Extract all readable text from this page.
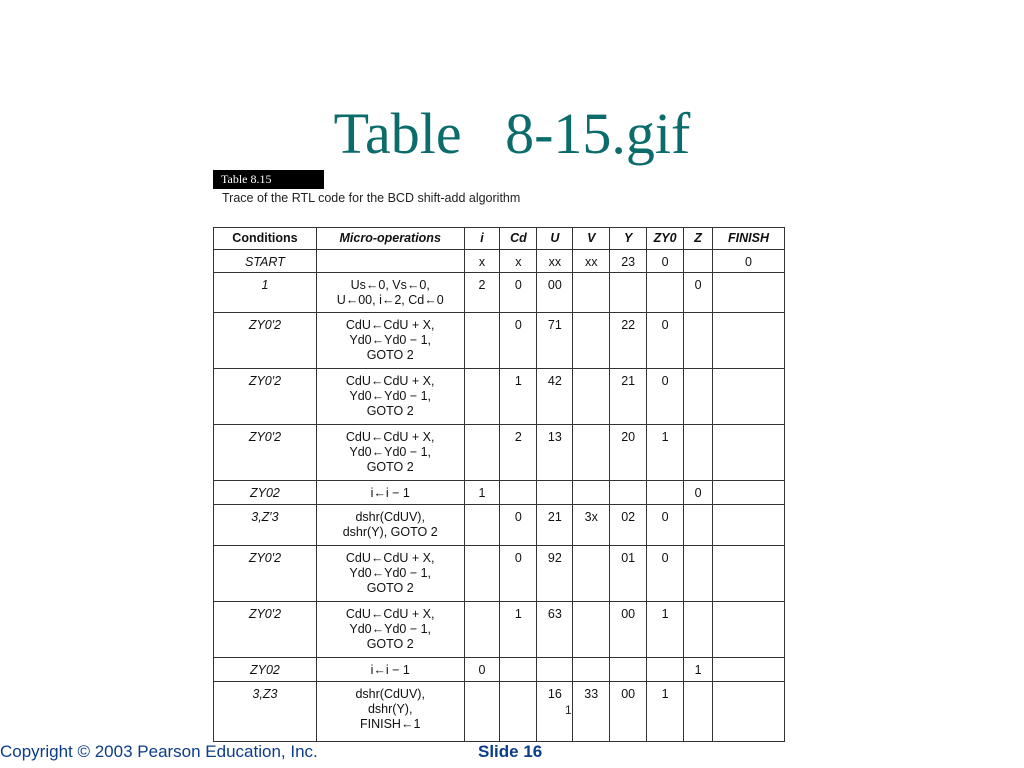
Table   8-15.gif
Table 8.15
Trace of the RTL code for the BCD shift-add algorithm
Conditions	Micro-operations	i	Cd	U	V	Y	ZY0	Z	FINISH
START		x	x	xx	xx	23	0		0
1	Us←0, Vs←0,
U←00, i←2, Cd←0	2	0	00				0	
ZY0′2	CdU←CdU + X,
Yd0←Yd0 − 1,
GOTO 2		0	71		22	0		
ZY0′2	CdU←CdU + X,
Yd0←Yd0 − 1,
GOTO 2		1	42		21	0		
ZY0′2	CdU←CdU + X,
Yd0←Yd0 − 1,
GOTO 2		2	13		20	1		
ZY02	i←i − 1	1						0	
3,Z′3	dshr(CdUV),
dshr(Y), GOTO 2		0	21	3x	02	0		
ZY0′2	CdU←CdU + X,
Yd0←Yd0 − 1,
GOTO 2		0	92		01	0		
ZY0′2	CdU←CdU + X,
Yd0←Yd0 − 1,
GOTO 2		1	63		00	1		
ZY02	i←i − 1	0						1	
3,Z3	dshr(CdUV),
dshr(Y),
FINISH←1			16	33	00	1		
1
Copyright © 2003 Pearson Education, Inc.	Slide 16
